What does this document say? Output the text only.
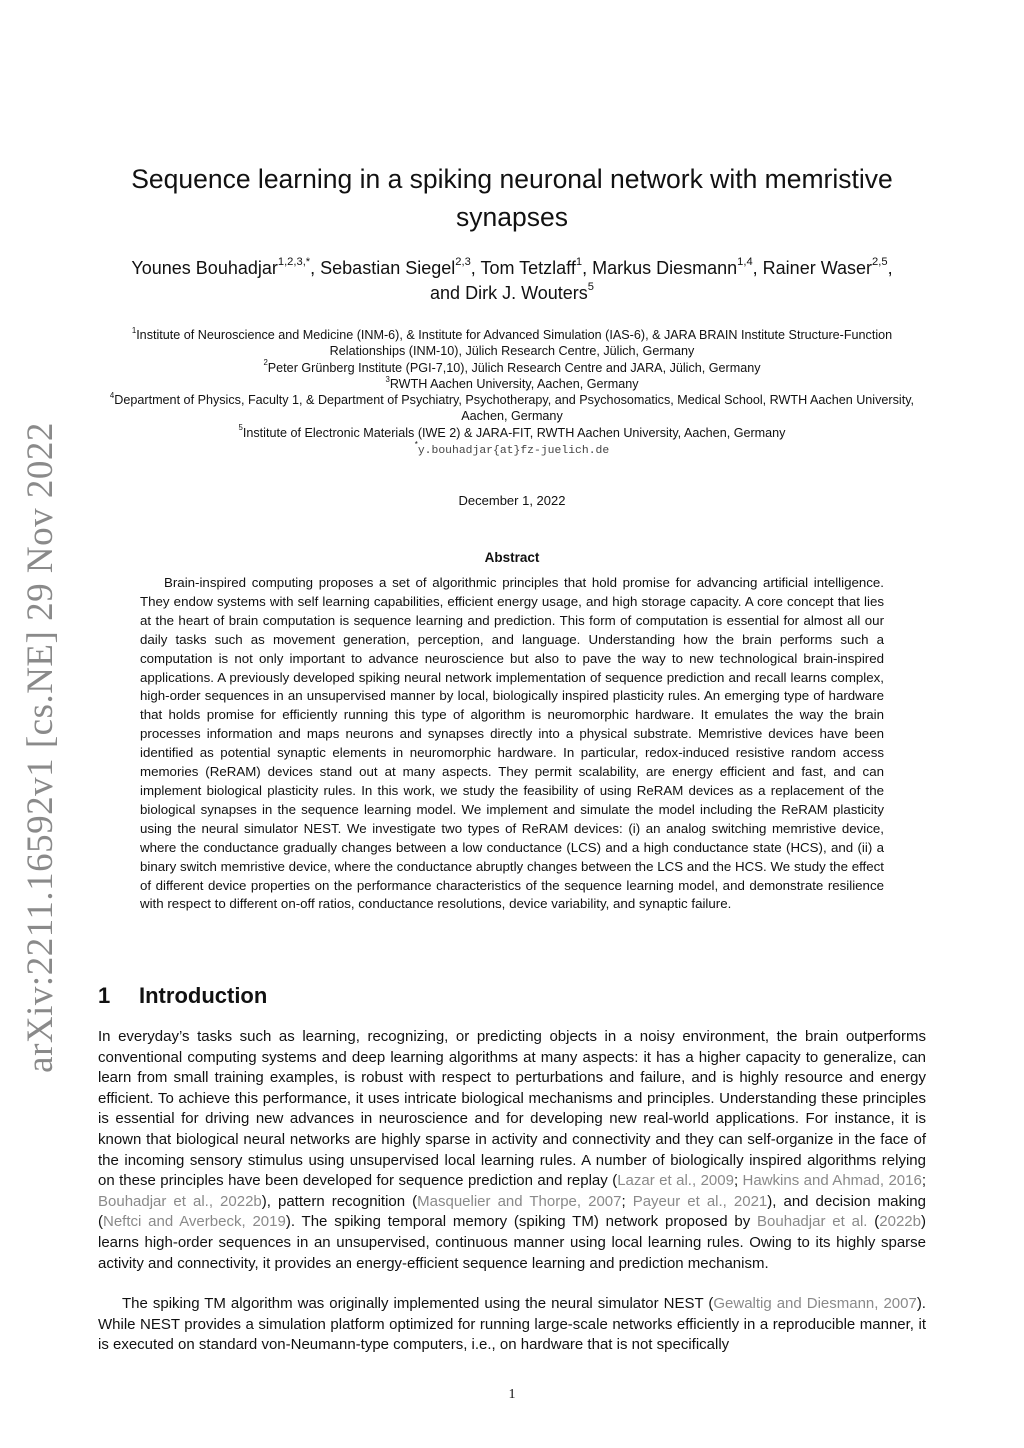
arXiv:2211.16592v1 [cs.NE] 29 Nov 2022
Sequence learning in a spiking neuronal network with memristive synapses
Younes Bouhadjar$^{1,2,3,*}$, Sebastian Siegel$^{2,3}$, Tom Tetzlaff$^1$, Markus Diesmann$^{1,4}$, Rainer Waser$^{2,5}$,
and Dirk J. Wouters$^5$
$^1$Institute of Neuroscience and Medicine (INM-6), & Institute for Advanced Simulation (IAS-6), & JARA BRAIN Institute Structure-Function Relationships (INM-10), Jülich Research Centre, Jülich, Germany
$^2$Peter Grünberg Institute (PGI-7,10), Jülich Research Centre and JARA, Jülich, Germany
$^3$RWTH Aachen University, Aachen, Germany
$^4$Department of Physics, Faculty 1, & Department of Psychiatry, Psychotherapy, and Psychosomatics, Medical School, RWTH Aachen University, Aachen, Germany
$^5$Institute of Electronic Materials (IWE 2) & JARA-FIT, RWTH Aachen University, Aachen, Germany
*y.bouhadjar{at}fz-juelich.de
December 1, 2022
Abstract

Brain-inspired computing proposes a set of algorithmic principles that hold promise for advancing artificial intelligence. They endow systems with self learning capabilities, efficient energy usage, and high storage capacity. A core concept that lies at the heart of brain computation is sequence learning and prediction. This form of computation is essential for almost all our daily tasks such as movement generation, perception, and language. Understanding how the brain performs such a computation is not only important to advance neuroscience but also to pave the way to new technological brain-inspired applications. A previously developed spiking neural network implementation of sequence prediction and recall learns complex, high-order sequences in an unsupervised manner by local, biologically inspired plasticity rules. An emerging type of hardware that holds promise for efficiently running this type of algorithm is neuromorphic hardware. It emulates the way the brain processes information and maps neurons and synapses directly into a physical substrate. Memristive devices have been identified as potential synaptic elements in neuromorphic hardware. In particular, redox-induced resistive random access memories (ReRAM) devices stand out at many aspects. They permit scalability, are energy efficient and fast, and can implement biological plasticity rules. In this work, we study the feasibility of using ReRAM devices as a replacement of the biological synapses in the sequence learning model. We implement and simulate the model including the ReRAM plasticity using the neural simulator NEST. We investigate two types of ReRAM devices: (i) an analog switching memristive device, where the conductance gradually changes between a low conductance (LCS) and a high conductance state (HCS), and (ii) a binary switch memristive device, where the conductance abruptly changes between the LCS and the HCS. We study the effect of different device properties on the performance characteristics of the sequence learning model, and demonstrate resilience with respect to different on-off ratios, conductance resolutions, device variability, and synaptic failure.

1 Introduction

In everyday’s tasks such as learning, recognizing, or predicting objects in a noisy environment, the brain outperforms conventional computing systems and deep learning algorithms at many aspects: it has a higher capacity to generalize, can learn from small training examples, is robust with respect to perturbations and failure, and is highly resource and energy efficient. To achieve this performance, it uses intricate biological mechanisms and principles. Understanding these principles is essential for driving new advances in neuroscience and for developing new real-world applications. For instance, it is known that biological neural networks are highly sparse in activity and connectivity and they can self-organize in the face of the incoming sensory stimulus using unsupervised local learning rules. A number of biologically inspired algorithms relying on these principles have been developed for sequence prediction and replay (Lazar et al., 2009; Hawkins and Ahmad, 2016; Bouhadjar et al., 2022b), pattern recognition (Masquelier and Thorpe, 2007; Payeur et al., 2021), and decision making (Neftci and Averbeck, 2019). The spiking temporal memory (spiking TM) network proposed by Bouhadjar et al. (2022b) learns high-order sequences in an unsupervised, continuous manner using local learning rules. Owing to its highly sparse activity and connectivity, it provides an energy-efficient sequence learning and prediction mechanism.

The spiking TM algorithm was originally implemented using the neural simulator NEST (Gewaltig and Diesmann, 2007). While NEST provides a simulation platform optimized for running large-scale networks efficiently in a reproducible manner, it is executed on standard von-Neumann-type computers, i.e., on hardware that is not specifically

1
